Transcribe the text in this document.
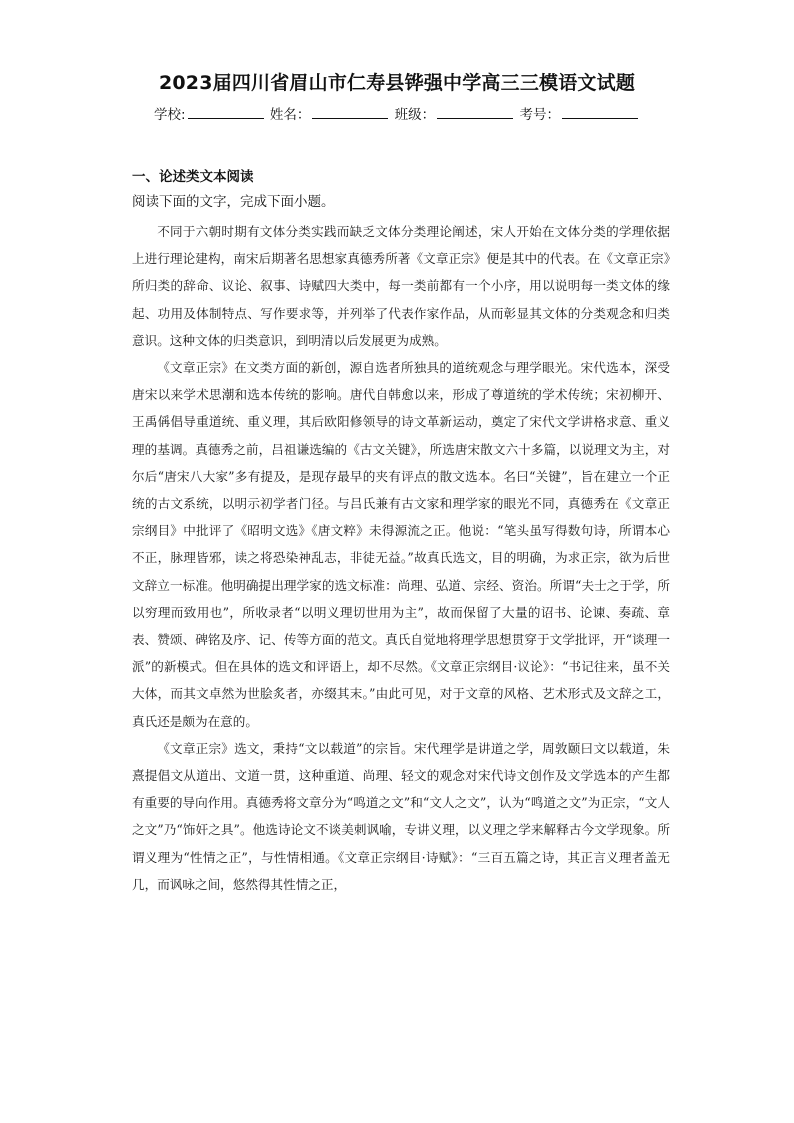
2023届四川省眉山市仁寿县铧强中学高三三模语文试题
学校:	姓名：	班级：	考号：
一、论述类文本阅读
阅读下面的文字，完成下面小题。

不同于六朝时期有文体分类实践而缺乏文体分类理论阐述，宋人开始在文体分类的学理依据上进行理论建构，南宋后期著名思想家真德秀所著《文章正宗》便是其中的代表。在《文章正宗》所归类的辞命、议论、叙事、诗赋四大类中，每一类前都有一个小序，用以说明每一类文体的缘起、功用及体制特点、写作要求等，并列举了代表作家作品，从而彰显其文体的分类观念和归类意识。这种文体的归类意识，到明清以后发展更为成熟。

《文章正宗》在文类方面的新创，源自选者所独具的道统观念与理学眼光。宋代选本，深受唐宋以来学术思潮和选本传统的影响。唐代自韩愈以来，形成了尊道统的学术传统；宋初柳开、王禹偁倡导重道统、重义理，其后欧阳修领导的诗文革新运动，奠定了宋代文学讲格求意、重义理的基调。真德秀之前，吕祖谦选编的《古文关键》，所选唐宋散文六十多篇，以说理文为主，对尔后“唐宋八大家”多有提及，是现存最早的夹有评点的散文选本。名曰“关键”，旨在建立一个正统的古文系统，以明示初学者门径。与吕氏兼有古文家和理学家的眼光不同，真德秀在《文章正宗纲目》中批评了《昭明文选》《唐文粹》未得源流之正。他说：“笔头虽写得数句诗，所谓本心不正，脉理皆邪，读之将恐染神乱志，非徒无益。”故真氏选文，目的明确，为求正宗，欲为后世文辞立一标准。他明确提出理学家的选文标准：尚理、弘道、宗经、资治。所谓“夫士之于学，所以穷理而致用也”，所收录者“以明义理切世用为主”，故而保留了大量的诏书、论谏、奏疏、章表、赞颂、碑铭及序、记、传等方面的范文。真氏自觉地将理学思想贯穿于文学批评，开“谈理一派”的新模式。但在具体的选文和评语上，却不尽然。《文章正宗纲目·议论》：“书记往来，虽不关大体，而其文卓然为世脍炙者，亦缀其末。”由此可见，对于文章的风格、艺术形式及文辞之工，真氏还是颇为在意的。

《文章正宗》选文，秉持“文以载道”的宗旨。宋代理学是讲道之学，周敦颐曰文以载道，朱熹提倡文从道出、文道一贯，这种重道、尚理、轻文的观念对宋代诗文创作及文学选本的产生都有重要的导向作用。真德秀将文章分为“鸣道之文”和“文人之文”，认为“鸣道之文”为正宗，“文人之文”乃“饰奸之具”。他选诗论文不谈美刺讽喻，专讲义理，以义理之学来解释古今文学现象。所谓义理为“性情之正”，与性情相通。《文章正宗纲目·诗赋》：“三百五篇之诗，其正言义理者盖无几，而讽咏之间，悠然得其性情之正，
